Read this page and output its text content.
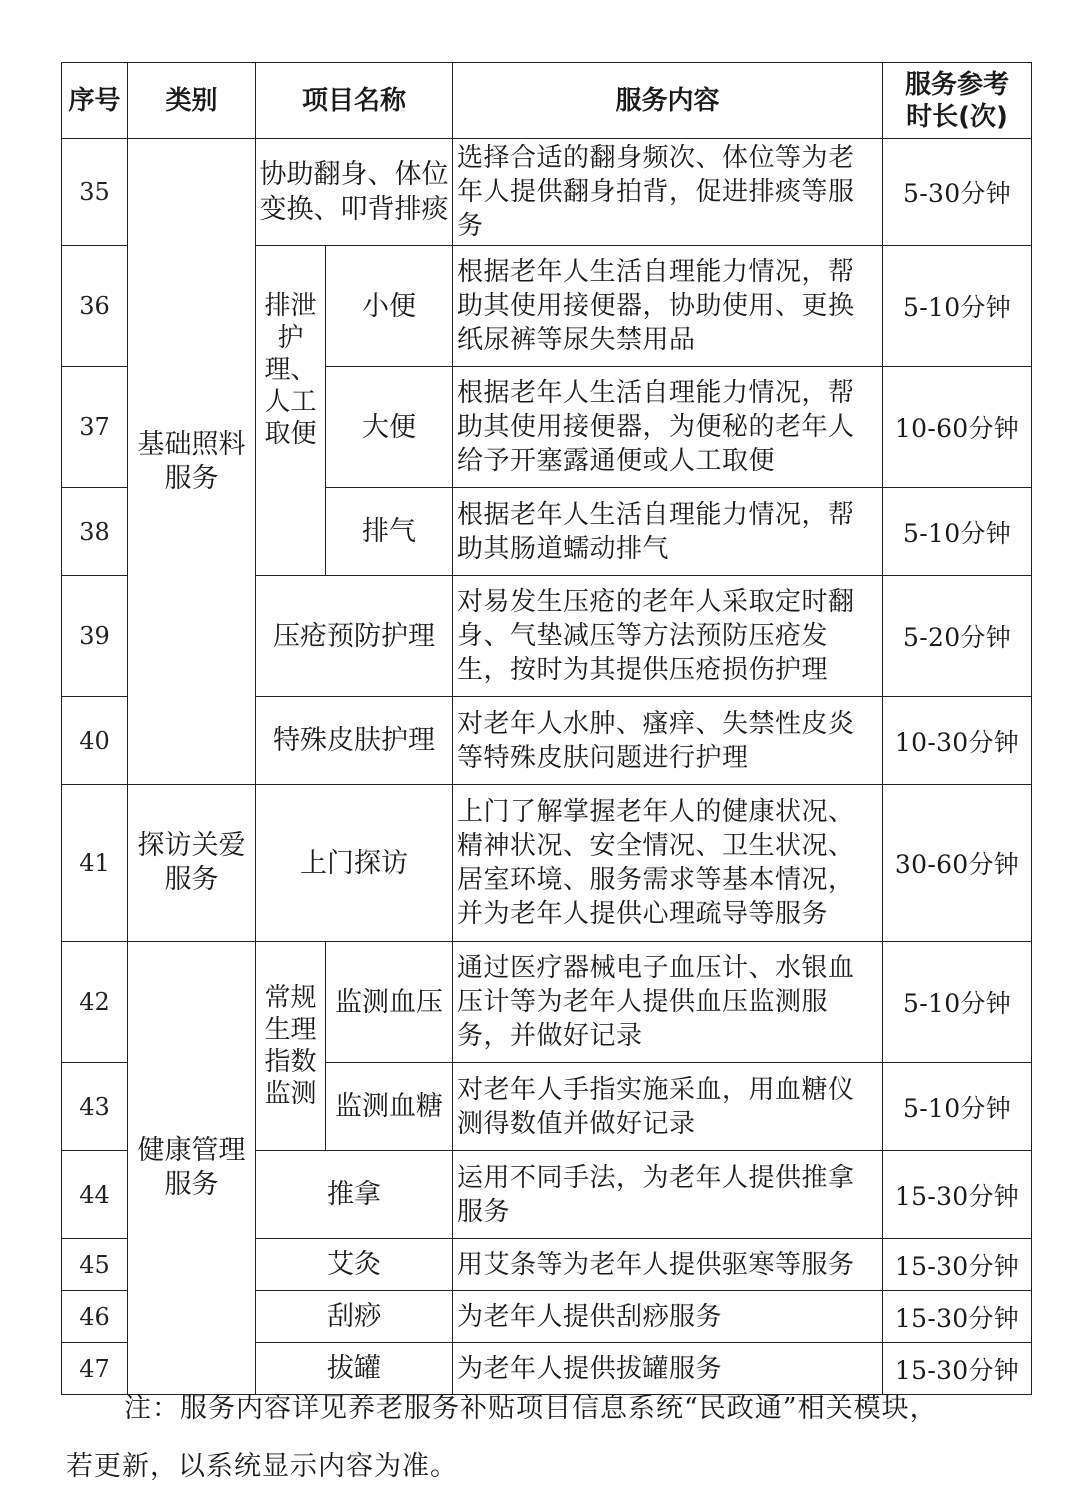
序号	类别	项目名称		服务内容	服务参考
时长(次)
35	基础照料服务	协助翻身、体位变换、叩背排痰		选择合适的翻身频次、体位等为老年人提供翻身拍背，促进排痰等服务	5-30分钟
36		排泄护理、人工取便	小便	根据老年人生活自理能力情况，帮助其使用接便器，协助使用、更换纸尿裤等尿失禁用品	5-10分钟
37			大便	根据老年人生活自理能力情况，帮助其使用接便器，为便秘的老年人给予开塞露通便或人工取便	10-60分钟
38			排气	根据老年人生活自理能力情况，帮助其肠道蠕动排气	5-10分钟
39		压疮预防护理		对易发生压疮的老年人采取定时翻身、气垫减压等方法预防压疮发生，按时为其提供压疮损伤护理	5-20分钟
40		特殊皮肤护理		对老年人水肿、瘙痒、失禁性皮炎等特殊皮肤问题进行护理	10-30分钟
41	探访关爱服务	上门探访		上门了解掌握老年人的健康状况、精神状况、安全情况、卫生状况、居室环境、服务需求等基本情况，并为老年人提供心理疏导等服务	30-60分钟
42	健康管理服务	常规生理指数监测	监测血压	通过医疗器械电子血压计、水银血压计等为老年人提供血压监测服务，并做好记录	5-10分钟
43			监测血糖	对老年人手指实施采血，用血糖仪测得数值并做好记录	5-10分钟
44		推拿		运用不同手法，为老年人提供推拿服务	15-30分钟
45		艾灸		用艾条等为老年人提供驱寒等服务	15-30分钟
46		刮痧		为老年人提供刮痧服务	15-30分钟
47		拔罐		为老年人提供拔罐服务	15-30分钟
注：服务内容详见养老服务补贴项目信息系统“民政通”相关模块，
若更新，以系统显示内容为准。
